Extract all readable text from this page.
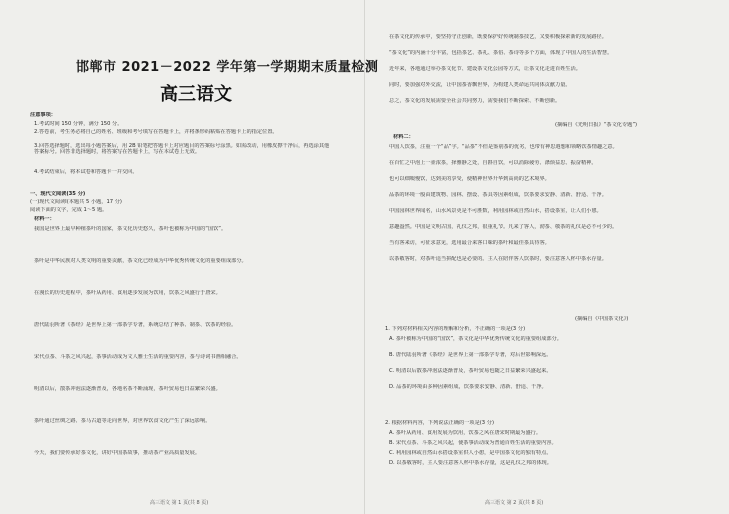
邯郸市 2021－2022 学年第一学期期末质量检测
高三语文
注意事项：
1.考试时间 150 分钟，满分 150 分。
2.答卷前，考生务必将自己的姓名、班级和考号填写在答题卡上，并将条形码粘贴在答题卡上的指定位置。
3.回答选择题时，选出每小题答案后，用 2B 铅笔把答题卡上对应题目的答案标号涂黑。如需改动，用橡皮擦干净后，再选涂其他答案标号。回答非选择题时，将答案写在答题卡上，写在本试卷上无效。
4.考试结束后，将本试卷和答题卡一并交回。
一、现代文阅读(35 分)
(一)现代文阅读Ⅰ(本题共 5 小题，17 分)
阅读下面的文字，完成 1～5 题。
材料一：
我国是世界上最早种植茶叶的国家，茶文化历史悠久，茶叶也被称为中国的“国饮”。
茶叶是中华民族对人类文明的重要贡献，茶文化已经成为中华优秀传统文化的重要组成部分。
在漫长的历史进程中，茶叶从药用、食用逐步发展为饮用，饮茶之风盛行于唐宋。
唐代陆羽所著《茶经》是世界上第一部茶学专著，系统总结了种茶、制茶、饮茶的经验。
宋代点茶、斗茶之风兴起，茶事活动成为文人雅士生活的重要内容，茶与诗词书画相融合。
明清以后，散茶冲泡法逐渐普及，各地名茶不断涌现，茶叶贸易也日益繁荣兴盛。
茶叶通过丝绸之路、茶马古道等走向世界，对世界饮食文化产生了深远影响。
今天，我们要传承好茶文化，讲好中国茶故事，推动茶产业高质量发展。
高三语文 第 1 页(共 8 页)
在茶文化的传承中，要坚持守正创新，既要保护好传统制茶技艺，又要积极探索新的发展路径。
“茶文化”的内涵十分丰富，包括茶艺、茶礼、茶俗、茶诗等多个方面，体现了中国人的生活智慧。
近年来，各地通过举办茶文化节、建设茶文化公园等方式，让茶文化走进百姓生活。
同时，要加强对外交流，让中国茶香飘世界，为构建人类命运共同体贡献力量。
总之，茶文化的发展需要全社会共同努力，需要我们不断探索、不断创新。
(摘编自《光明日报》“茶文化专题”)
材料二：
中国人饮茶，注重一个“品”字。“品茶”不但是鉴别茶的优劣，也带有神思遐想和领略饮茶情趣之意。
在百忙之中泡上一壶浓茶，择雅静之处，自斟自饮，可以消除疲劳、涤烦益思、振奋精神。
也可以细啜慢饮，达到美的享受，使精神世界升华到高尚的艺术境界。
品茶的环境一般由建筑物、园林、摆设、茶具等因素组成，饮茶要求安静、清新、舒适、干净。
中国园林世界闻名，山水风景更是不可胜数，利用园林或自然山水，搭设茶室，让人们小憩。
意趣盎然。中国是文明古国，礼仪之邦，很重礼节。凡来了客人，沏茶、敬茶的礼仪是必不可少的。
当有客来访，可征求意见，选用最合来客口味的茶叶和最佳茶具待客。
以茶敬客时，对茶叶适当拼配也是必要的。主人在陪伴客人饮茶时，要注意客人杯中茶水存量。
(摘编自《中国茶文化》)
1. 下列对材料相关内容的理解和分析，不正确的一项是(3 分)
A. 茶叶被称为中国的“国饮”，茶文化是中华优秀传统文化的重要组成部分。
B. 唐代陆羽所著《茶经》是世界上第一部茶学专著，对后世影响深远。
C. 明清以后散茶冲泡法逐渐普及，茶叶贸易也随之日益繁荣兴盛起来。
D. 品茶的环境由多种因素组成，饮茶要求安静、清新、舒适、干净。
2. 根据材料内容，下列说法正确的一项是(3 分)
A. 茶叶从药用、食用发展为饮用，饮茶之风在唐宋时期最为盛行。
B. 宋代点茶、斗茶之风兴起，使茶事活动成为普通百姓生活的重要内容。
C. 利用园林或自然山水搭设茶室供人小憩，是中国茶文化的独有特点。
D. 以茶敬客时，主人要注意客人杯中茶水存量，这是礼仪之邦的体现。
高三语文 第 2 页(共 8 页)
